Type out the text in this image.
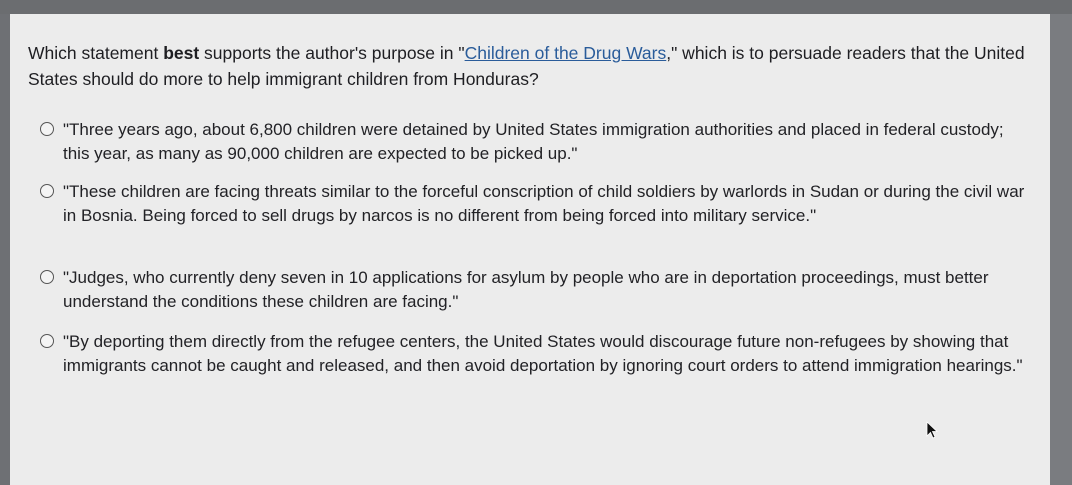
Which statement best supports the author's purpose in "Children of the Drug Wars," which is to persuade readers that the United States should do more to help immigrant children from Honduras?
"Three years ago, about 6,800 children were detained by United States immigration authorities and placed in federal custody; this year, as many as 90,000 children are expected to be picked up."
"These children are facing threats similar to the forceful conscription of child soldiers by warlords in Sudan or during the civil war in Bosnia. Being forced to sell drugs by narcos is no different from being forced into military service."
"Judges, who currently deny seven in 10 applications for asylum by people who are in deportation proceedings, must better understand the conditions these children are facing."
"By deporting them directly from the refugee centers, the United States would discourage future non-refugees by showing that immigrants cannot be caught and released, and then avoid deportation by ignoring court orders to attend immigration hearings."
